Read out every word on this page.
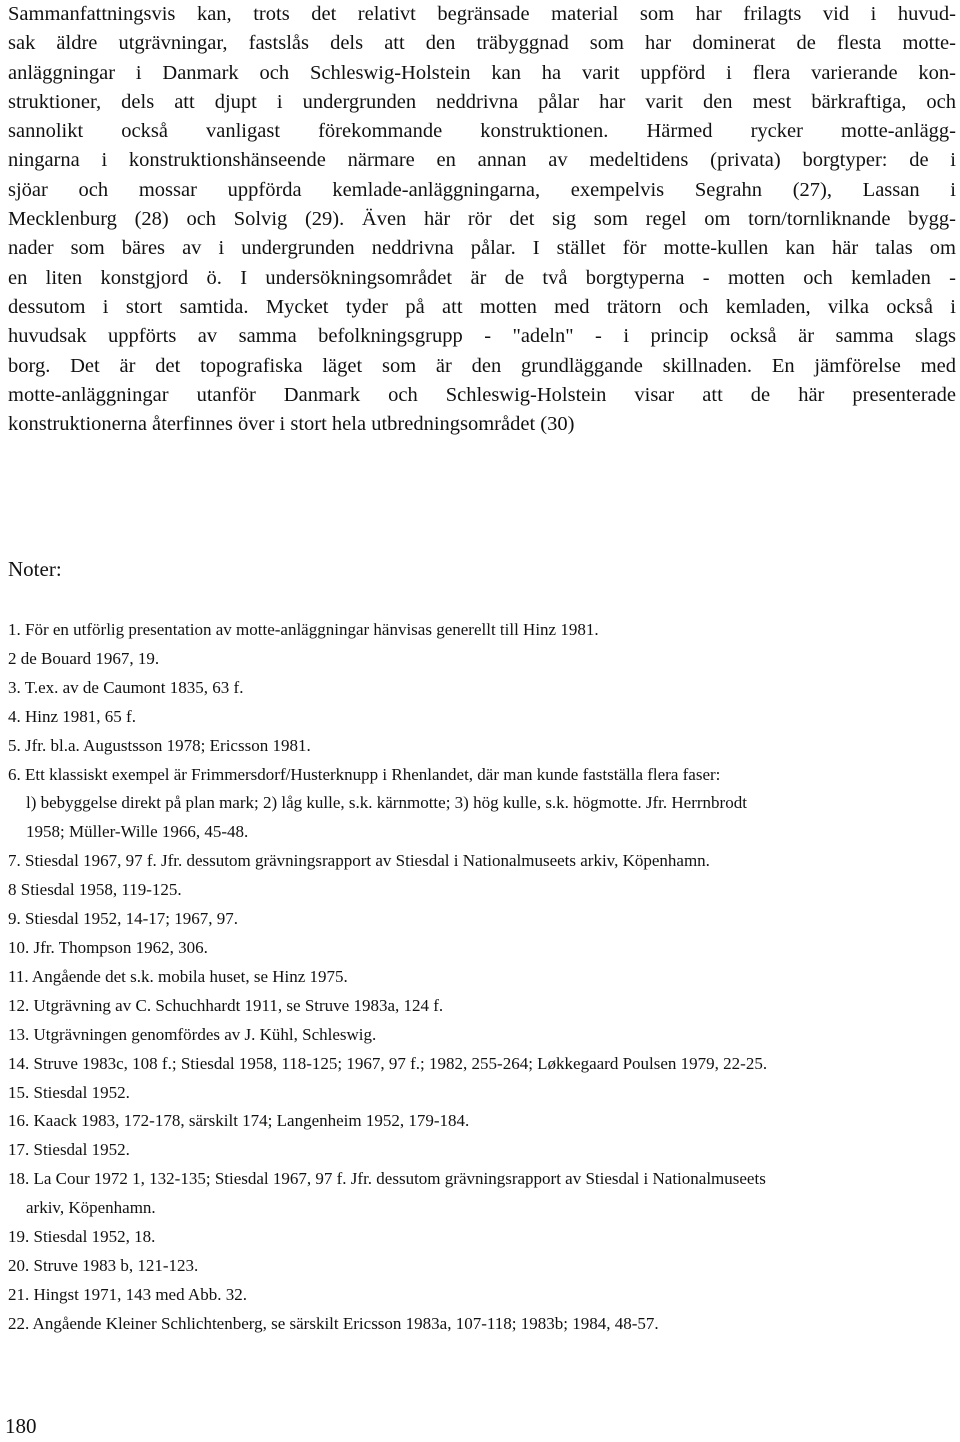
Sammanfattningsvis kan, trots det relativt begränsade material som har frilagts vid i huvud-
sak äldre utgrävningar, fastslås dels att den träbyggnad som har dominerat de flesta motte-
anläggningar i Danmark och Schleswig-Holstein kan ha varit uppförd i flera varierande kon-
struktioner, dels att djupt i undergrunden neddrivna pålar har varit den mest bärkraftiga, och
sannolikt också vanligast förekommande konstruktionen. Härmed rycker motte-anlägg-
ningarna i konstruktionshänseende närmare en annan av medeltidens (privata) borgtyper: de i
sjöar och mossar uppförda kemlade-anläggningarna, exempelvis Segrahn (27), Lassan i
Mecklenburg (28) och Solvig (29). Även här rör det sig som regel om torn/tornliknande bygg-
nader som bäres av i undergrunden neddrivna pålar. I stället för motte-kullen kan här talas om
en liten konstgjord ö. I undersökningsområdet är de två borgtyperna - motten och kemladen -
dessutom i stort samtida. Mycket tyder på att motten med trätorn och kemladen, vilka också i
huvudsak uppförts av samma befolkningsgrupp - "adeln" - i princip också är samma slags
borg. Det är det topografiska läget som är den grundläggande skillnaden. En jämförelse med
motte-anläggningar utanför Danmark och Schleswig-Holstein visar att de här presenterade
konstruktionerna återfinnes över i stort hela utbredningsområdet (30)
Noter:
1. För en utförlig presentation av motte-anläggningar hänvisas generellt till Hinz 1981.
2 de Bouard 1967, 19.
3. T.ex. av de Caumont 1835, 63 f.
4. Hinz 1981, 65 f.
5. Jfr. bl.a. Augustsson 1978; Ericsson 1981.
6. Ett klassiskt exempel är Frimmersdorf/Husterknupp i Rhenlandet, där man kunde fastställa flera faser:
l) bebyggelse direkt på plan mark; 2) låg kulle, s.k. kärnmotte; 3) hög kulle, s.k. högmotte. Jfr. Herrnbrodt
1958; Müller-Wille 1966, 45-48.
7. Stiesdal 1967, 97 f. Jfr. dessutom grävningsrapport av Stiesdal i Nationalmuseets arkiv, Köpenhamn.
8 Stiesdal 1958, 119-125.
9. Stiesdal 1952, 14-17; 1967, 97.
10. Jfr. Thompson 1962, 306.
11. Angående det s.k. mobila huset, se Hinz 1975.
12. Utgrävning av C. Schuchhardt 1911, se Struve 1983a, 124 f.
13. Utgrävningen genomfördes av J. Kühl, Schleswig.
14. Struve 1983c, 108 f.; Stiesdal 1958, 118-125; 1967, 97 f.; 1982, 255-264; Løkkegaard Poulsen 1979, 22-25.
15. Stiesdal 1952.
16. Kaack 1983, 172-178, särskilt 174; Langenheim 1952, 179-184.
17. Stiesdal 1952.
18. La Cour 1972 1, 132-135; Stiesdal 1967, 97 f. Jfr. dessutom grävningsrapport av Stiesdal i Nationalmuseets
arkiv, Köpenhamn.
19. Stiesdal 1952, 18.
20. Struve 1983 b, 121-123.
21. Hingst 1971, 143 med Abb. 32.
22. Angående Kleiner Schlichtenberg, se särskilt Ericsson 1983a, 107-118; 1983b; 1984, 48-57.
180
